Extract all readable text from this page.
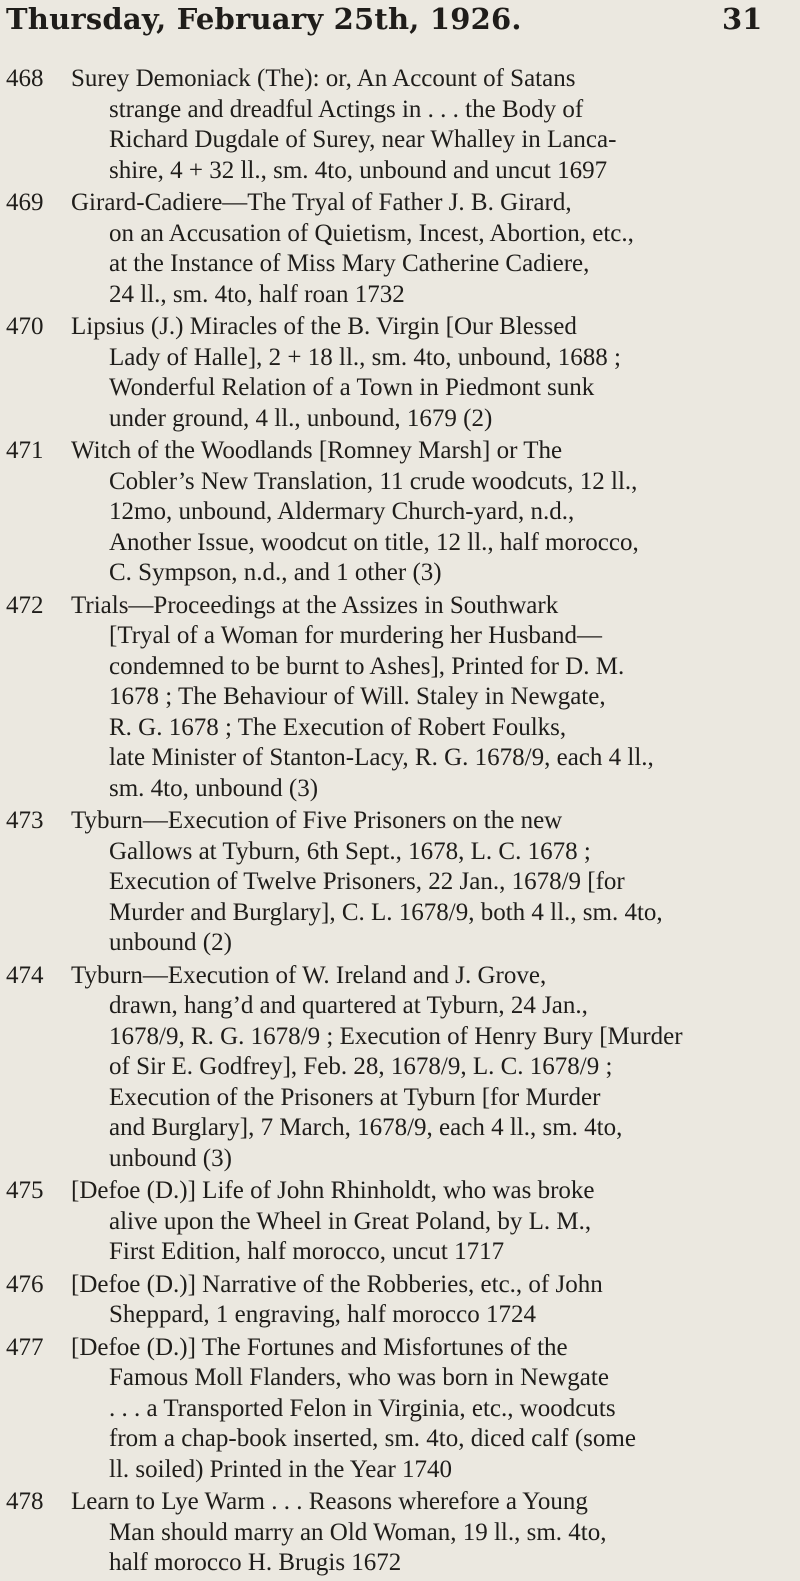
Thursday, February 25th, 1926.	31
468 Surey Demoniack (The): or, An Account of Satans
strange and dreadful Actings in . . . the Body of
Richard Dugdale of Surey, near Whalley in Lanca-
shire, 4 + 32 ll., sm. 4to, unbound and uncut 1697
469 Girard-Cadiere—The Tryal of Father J. B. Girard,
on an Accusation of Quietism, Incest, Abortion, etc.,
at the Instance of Miss Mary Catherine Cadiere,
24 ll., sm. 4to, half roan 1732
470 Lipsius (J.) Miracles of the B. Virgin [Our Blessed
Lady of Halle], 2 + 18 ll., sm. 4to, unbound, 1688 ;
Wonderful Relation of a Town in Piedmont sunk
under ground, 4 ll., unbound, 1679 (2)
471 Witch of the Woodlands [Romney Marsh] or The
Cobler’s New Translation, 11 crude woodcuts, 12 ll.,
12mo, unbound, Aldermary Church-yard, n.d.,
Another Issue, woodcut on title, 12 ll., half morocco,
C. Sympson, n.d., and 1 other (3)
472 Trials—Proceedings at the Assizes in Southwark
[Tryal of a Woman for murdering her Husband—
condemned to be burnt to Ashes], Printed for D. M.
1678 ; The Behaviour of Will. Staley in Newgate,
R. G. 1678 ; The Execution of Robert Foulks,
late Minister of Stanton-Lacy, R. G. 1678/9, each 4 ll.,
sm. 4to, unbound (3)
473 Tyburn—Execution of Five Prisoners on the new
Gallows at Tyburn, 6th Sept., 1678, L. C. 1678 ;
Execution of Twelve Prisoners, 22 Jan., 1678/9 [for
Murder and Burglary], C. L. 1678/9, both 4 ll., sm. 4to,
unbound (2)
474 Tyburn—Execution of W. Ireland and J. Grove,
drawn, hang’d and quartered at Tyburn, 24 Jan.,
1678/9, R. G. 1678/9 ; Execution of Henry Bury [Murder
of Sir E. Godfrey], Feb. 28, 1678/9, L. C. 1678/9 ;
Execution of the Prisoners at Tyburn [for Murder
and Burglary], 7 March, 1678/9, each 4 ll., sm. 4to,
unbound (3)
475 [Defoe (D.)] Life of John Rhinholdt, who was broke
alive upon the Wheel in Great Poland, by L. M.,
First Edition, half morocco, uncut 1717
476 [Defoe (D.)] Narrative of the Robberies, etc., of John
Sheppard, 1 engraving, half morocco 1724
477 [Defoe (D.)] The Fortunes and Misfortunes of the
Famous Moll Flanders, who was born in Newgate
. . . a Transported Felon in Virginia, etc., woodcuts
from a chap-book inserted, sm. 4to, diced calf (some
ll. soiled) Printed in the Year 1740
478 Learn to Lye Warm . . . Reasons wherefore a Young
Man should marry an Old Woman, 19 ll., sm. 4to,
half morocco H. Brugis 1672
